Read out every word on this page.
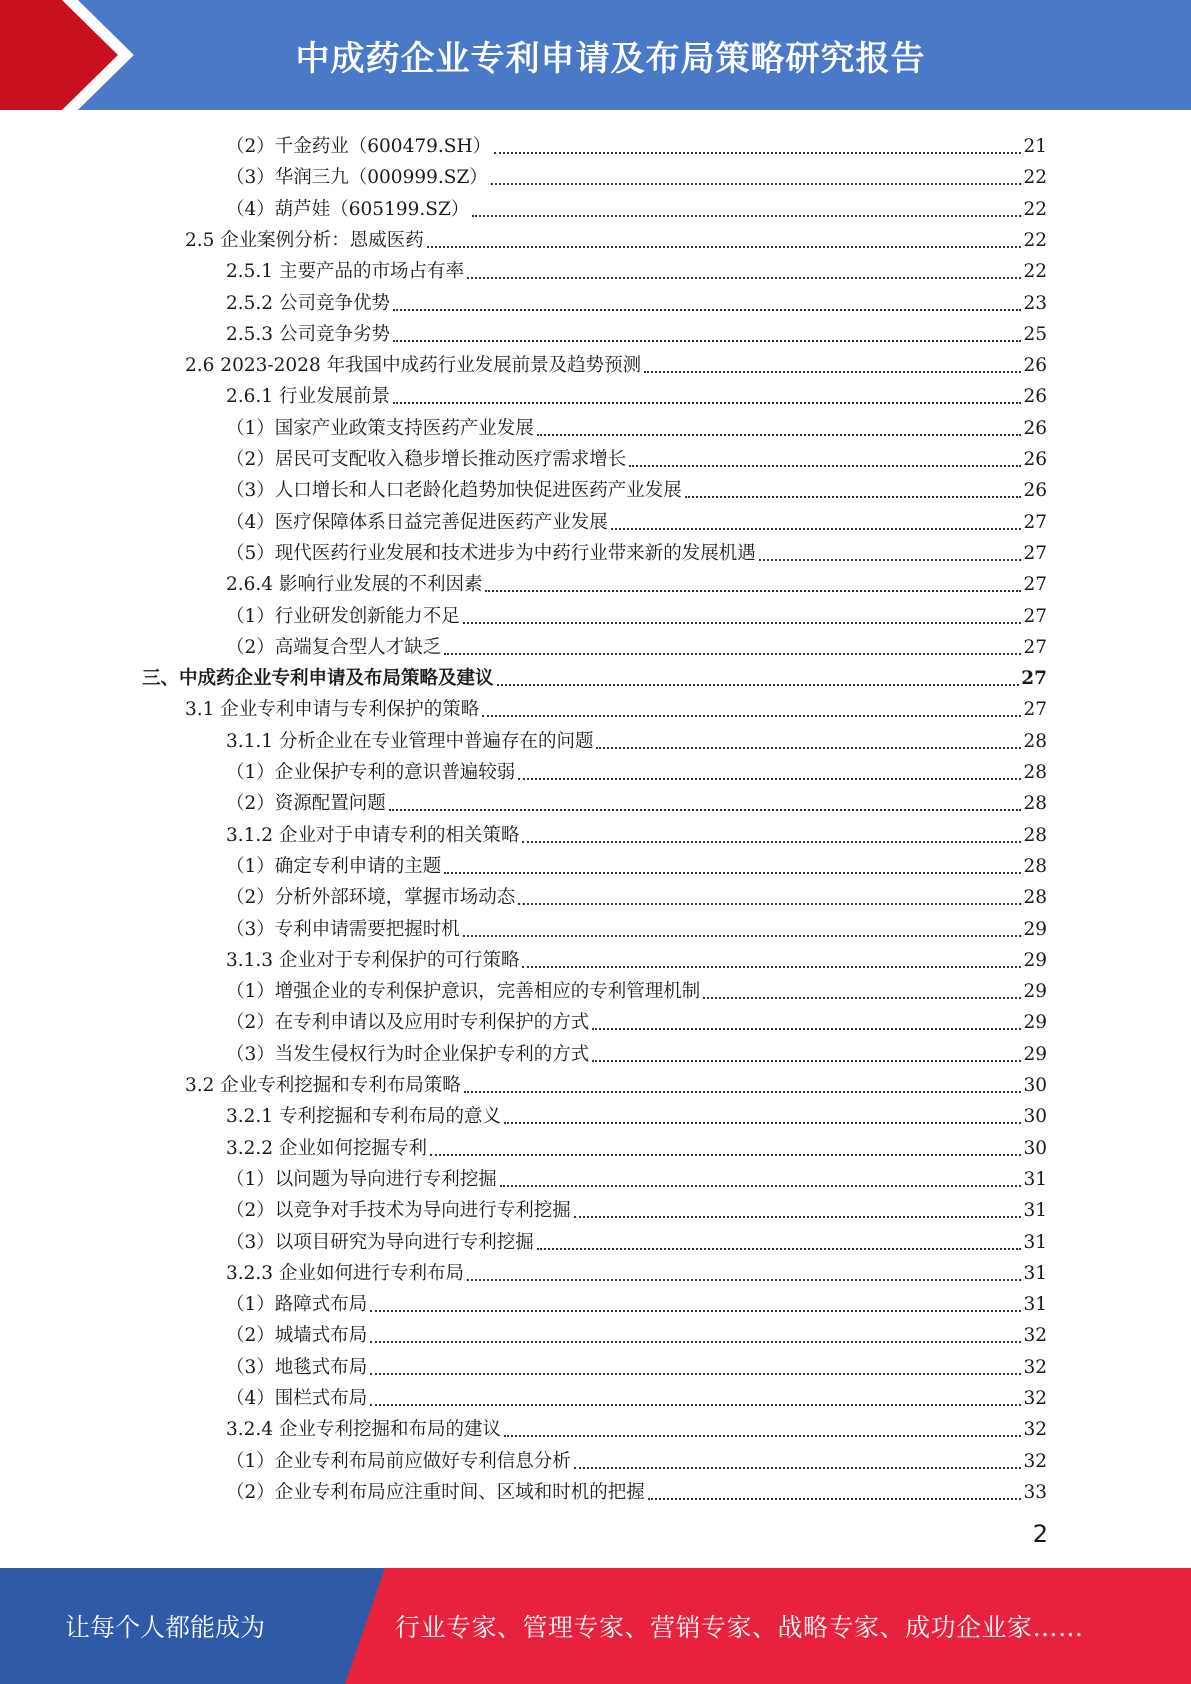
中成药企业专利申请及布局策略研究报告
（2）千金药业（600479.SH）	21
（3）华润三九（000999.SZ）	22
（4）葫芦娃（605199.SZ）	22
2.5 企业案例分析：恩威医药	22
2.5.1 主要产品的市场占有率	22
2.5.2 公司竞争优势	23
2.5.3 公司竞争劣势	25
2.6 2023-2028 年我国中成药行业发展前景及趋势预测	26
2.6.1 行业发展前景	26
（1）国家产业政策支持医药产业发展	26
（2）居民可支配收入稳步增长推动医疗需求增长	26
（3）人口增长和人口老龄化趋势加快促进医药产业发展	26
（4）医疗保障体系日益完善促进医药产业发展	27
（5）现代医药行业发展和技术进步为中药行业带来新的发展机遇	27
2.6.4 影响行业发展的不利因素	27
（1）行业研发创新能力不足	27
（2）高端复合型人才缺乏	27
三、中成药企业专利申请及布局策略及建议	27
3.1 企业专利申请与专利保护的策略	27
3.1.1 分析企业在专业管理中普遍存在的问题	28
（1）企业保护专利的意识普遍较弱	28
（2）资源配置问题	28
3.1.2 企业对于申请专利的相关策略	28
（1）确定专利申请的主题	28
（2）分析外部环境，掌握市场动态	28
（3）专利申请需要把握时机	29
3.1.3 企业对于专利保护的可行策略	29
（1）增强企业的专利保护意识，完善相应的专利管理机制	29
（2）在专利申请以及应用时专利保护的方式	29
（3）当发生侵权行为时企业保护专利的方式	29
3.2 企业专利挖掘和专利布局策略	30
3.2.1 专利挖掘和专利布局的意义	30
3.2.2 企业如何挖掘专利	30
（1）以问题为导向进行专利挖掘	31
（2）以竞争对手技术为导向进行专利挖掘	31
（3）以项目研究为导向进行专利挖掘	31
3.2.3 企业如何进行专利布局	31
（1）路障式布局	31
（2）城墙式布局	32
（3）地毯式布局	32
（4）围栏式布局	32
3.2.4 企业专利挖掘和布局的建议	32
（1）企业专利布局前应做好专利信息分析	32
（2）企业专利布局应注重时间、区域和时机的把握	33
2
让每个人都能成为	行业专家、管理专家、营销专家、战略专家、成功企业家……
